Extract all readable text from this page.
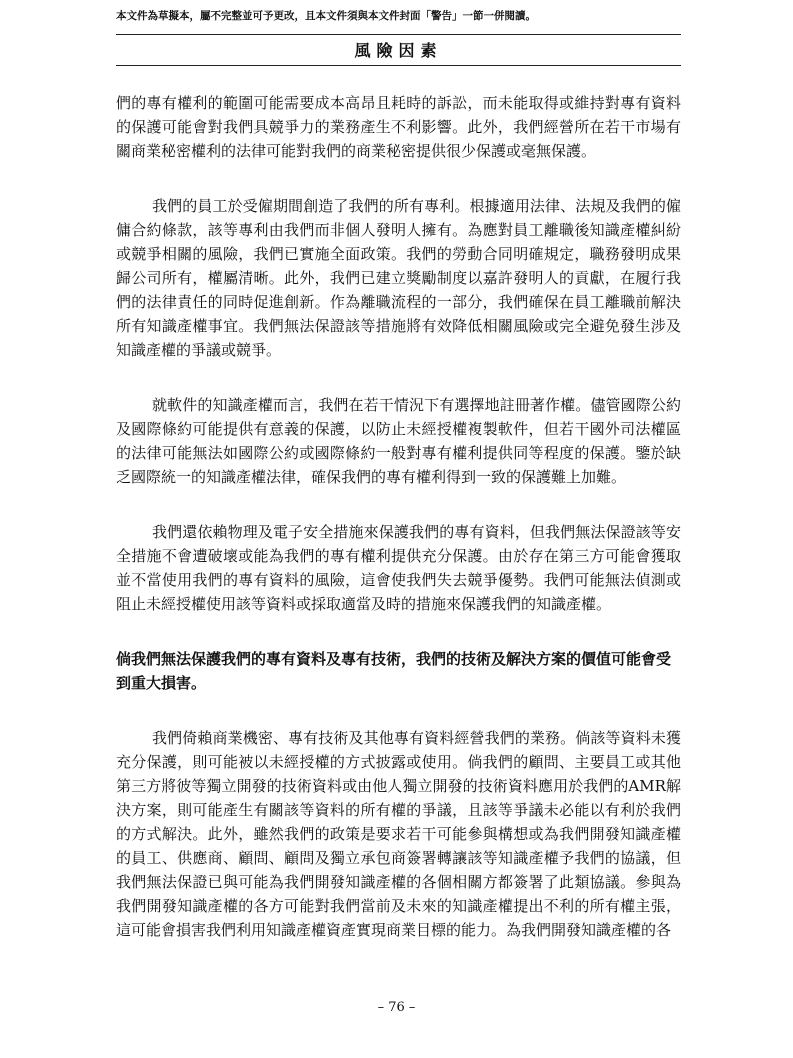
本文件為草擬本，屬不完整並可予更改，且本文件須與本文件封面「警告」一節一併閱讀。
風險因素

們的專有權利的範圍可能需要成本高昂且耗時的訴訟，而未能取得或維持對專有資料的保護可能會對我們具競爭力的業務產生不利影響。此外，我們經營所在若干市場有關商業秘密權利的法律可能對我們的商業秘密提供很少保護或毫無保護。

我們的員工於受僱期間創造了我們的所有專利。根據適用法律、法規及我們的僱傭合約條款，該等專利由我們而非個人發明人擁有。為應對員工離職後知識產權糾紛或競爭相關的風險，我們已實施全面政策。我們的勞動合同明確規定，職務發明成果歸公司所有，權屬清晰。此外，我們已建立獎勵制度以嘉許發明人的貢獻，在履行我們的法律責任的同時促進創新。作為離職流程的一部分，我們確保在員工離職前解決所有知識產權事宜。我們無法保證該等措施將有效降低相關風險或完全避免發生涉及知識產權的爭議或競爭。

就軟件的知識產權而言，我們在若干情況下有選擇地註冊著作權。儘管國際公約及國際條約可能提供有意義的保護，以防止未經授權複製軟件，但若干國外司法權區的法律可能無法如國際公約或國際條約一般對專有權利提供同等程度的保護。鑒於缺乏國際統一的知識產權法律，確保我們的專有權利得到一致的保護難上加難。

我們還依賴物理及電子安全措施來保護我們的專有資料，但我們無法保證該等安全措施不會遭破壞或能為我們的專有權利提供充分保護。由於存在第三方可能會獲取並不當使用我們的專有資料的風險，這會使我們失去競爭優勢。我們可能無法偵測或阻止未經授權使用該等資料或採取適當及時的措施來保護我們的知識產權。

倘我們無法保護我們的專有資料及專有技術，我們的技術及解決方案的價值可能會受到重大損害。

我們倚賴商業機密、專有技術及其他專有資料經營我們的業務。倘該等資料未獲充分保護，則可能被以未經授權的方式披露或使用。倘我們的顧問、主要員工或其他第三方將彼等獨立開發的技術資料或由他人獨立開發的技術資料應用於我們的AMR解決方案，則可能產生有關該等資料的所有權的爭議，且該等爭議未必能以有利於我們的方式解決。此外，雖然我們的政策是要求若干可能參與構想或為我們開發知識產權的員工、供應商、顧問、顧問及獨立承包商簽署轉讓該等知識產權予我們的協議，但我們無法保證已與可能為我們開發知識產權的各個相關方都簽署了此類協議。參與為我們開發知識產權的各方可能對我們當前及未來的知識產權提出不利的所有權主張，這可能會損害我們利用知識產權資產實現商業目標的能力。為我們開發知識產權的各

– 76 –
